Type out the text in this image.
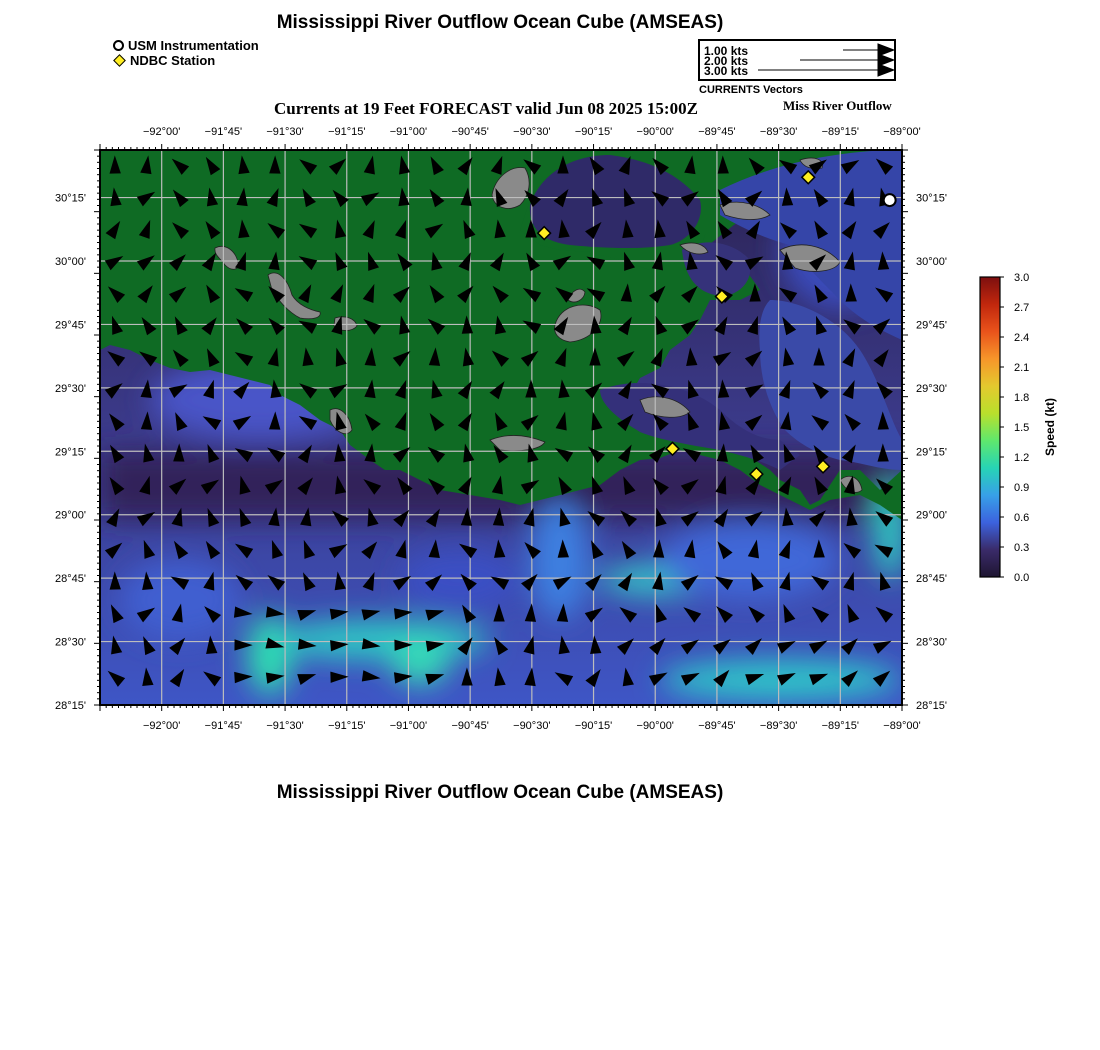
Mississippi River Outflow Ocean Cube (AMSEAS)
USM Instrumentation
NDBC Station
1.00 kts
2.00 kts
3.00 kts
CURRENTS Vectors
Currents at 19 Feet FORECAST valid Jun 08 2025 15:00Z	Miss River Outflow
−92°00'
−92°00'
−91°45'
−91°45'
−91°30'
−91°30'
−91°15'
−91°15'
−91°00'
−91°00'
−90°45'
−90°45'
−90°30'
−90°30'
−90°15'
−90°15'
−90°00'
−90°00'
−89°45'
−89°45'
−89°30'
−89°30'
−89°15'
−89°15'
−89°00'
−89°00'
30°15'	30°15'
30°00'	30°00'
29°45'	29°45'
29°30'	29°30'
29°15'	29°15'
29°00'	29°00'
28°45'	28°45'
28°30'	28°30'
28°15'	28°15'
3.0
2.7
2.4
2.1
1.8
1.5
1.2
0.9
0.6
0.3
0.0
Speed (kt)
Mississippi River Outflow Ocean Cube (AMSEAS)
